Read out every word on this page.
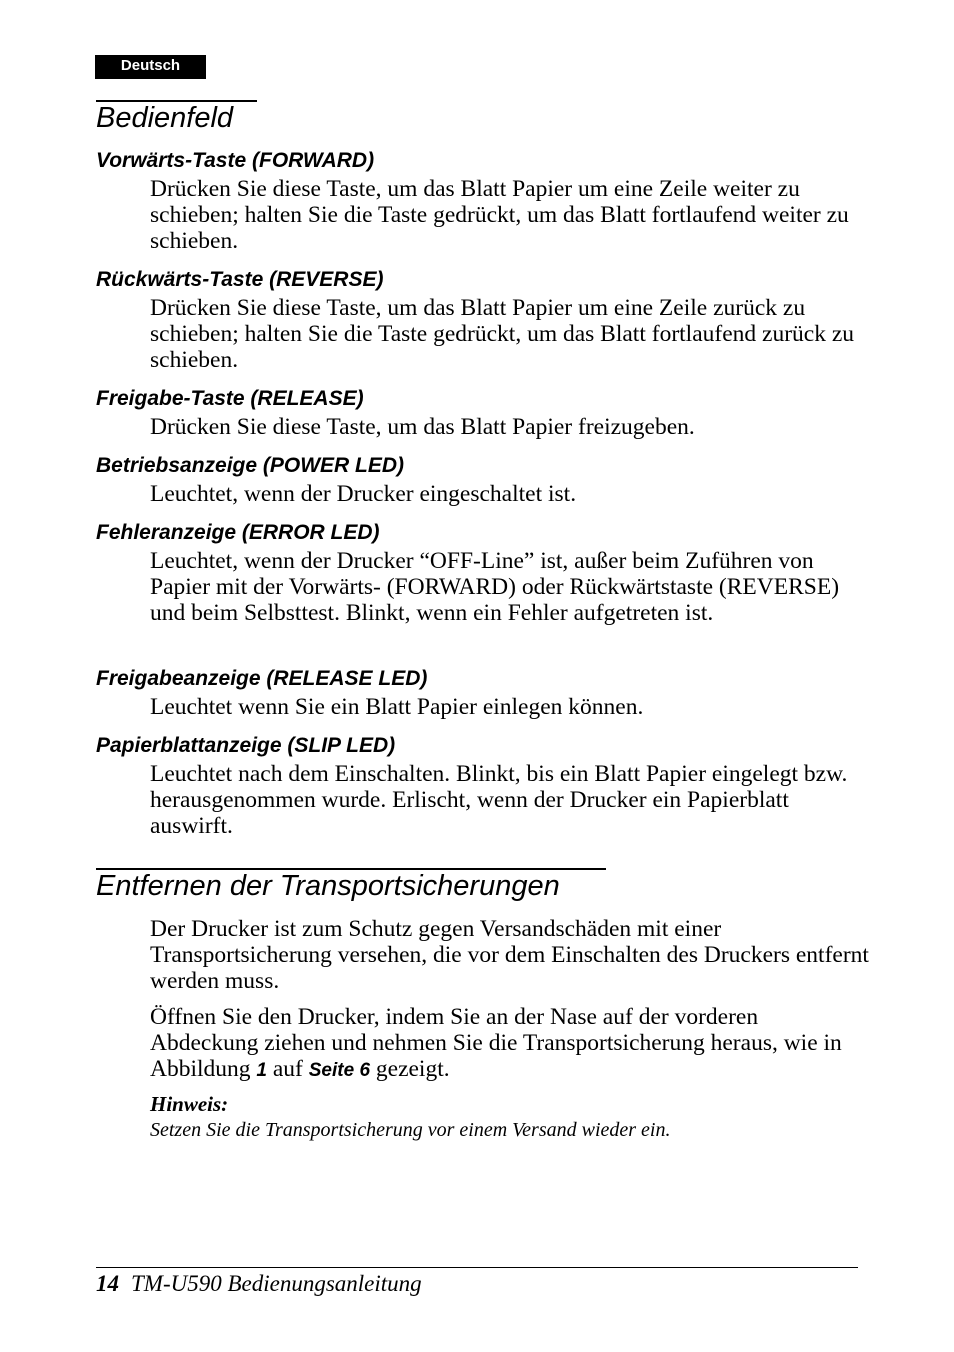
Deutsch
Bedienfeld
Vorwärts-Taste (FORWARD)

Drücken Sie diese Taste, um das Blatt Papier um eine Zeile weiter zu schieben; halten Sie die Taste gedrückt, um das Blatt fortlaufend weiter zu schieben.

Rückwärts-Taste (REVERSE)

Drücken Sie diese Taste, um das Blatt Papier um eine Zeile zurück zu schieben; halten Sie die Taste gedrückt, um das Blatt fortlaufend zurück zu schieben.

Freigabe-Taste (RELEASE)

Drücken Sie diese Taste, um das Blatt Papier freizugeben.

Betriebsanzeige (POWER LED)

Leuchtet, wenn der Drucker eingeschaltet ist.

Fehleranzeige (ERROR LED)

Leuchtet, wenn der Drucker “OFF-Line” ist, außer beim Zuführen von Papier mit der Vorwärts- (FORWARD) oder Rückwärtstaste (REVERSE) und beim Selbsttest. Blinkt, wenn ein Fehler aufgetreten ist.

Freigabeanzeige (RELEASE LED)

Leuchtet wenn Sie ein Blatt Papier einlegen können.

Papierblattanzeige (SLIP LED)

Leuchtet nach dem Einschalten. Blinkt, bis ein Blatt Papier eingelegt bzw. herausgenommen wurde. Erlischt, wenn der Drucker ein Papierblatt auswirft.

Entfernen der Transportsicherungen

Der Drucker ist zum Schutz gegen Versandschäden mit einer Transportsicherung versehen, die vor dem Einschalten des Druckers entfernt werden muss.

Öffnen Sie den Drucker, indem Sie an der Nase auf der vorderen Abdeckung ziehen und nehmen Sie die Transportsicherung heraus, wie in Abbildung 1 auf Seite 6 gezeigt.

Hinweis:

Setzen Sie die Transportsicherung vor einem Versand wieder ein.

14 TM-U590 Bedienungsanleitung
